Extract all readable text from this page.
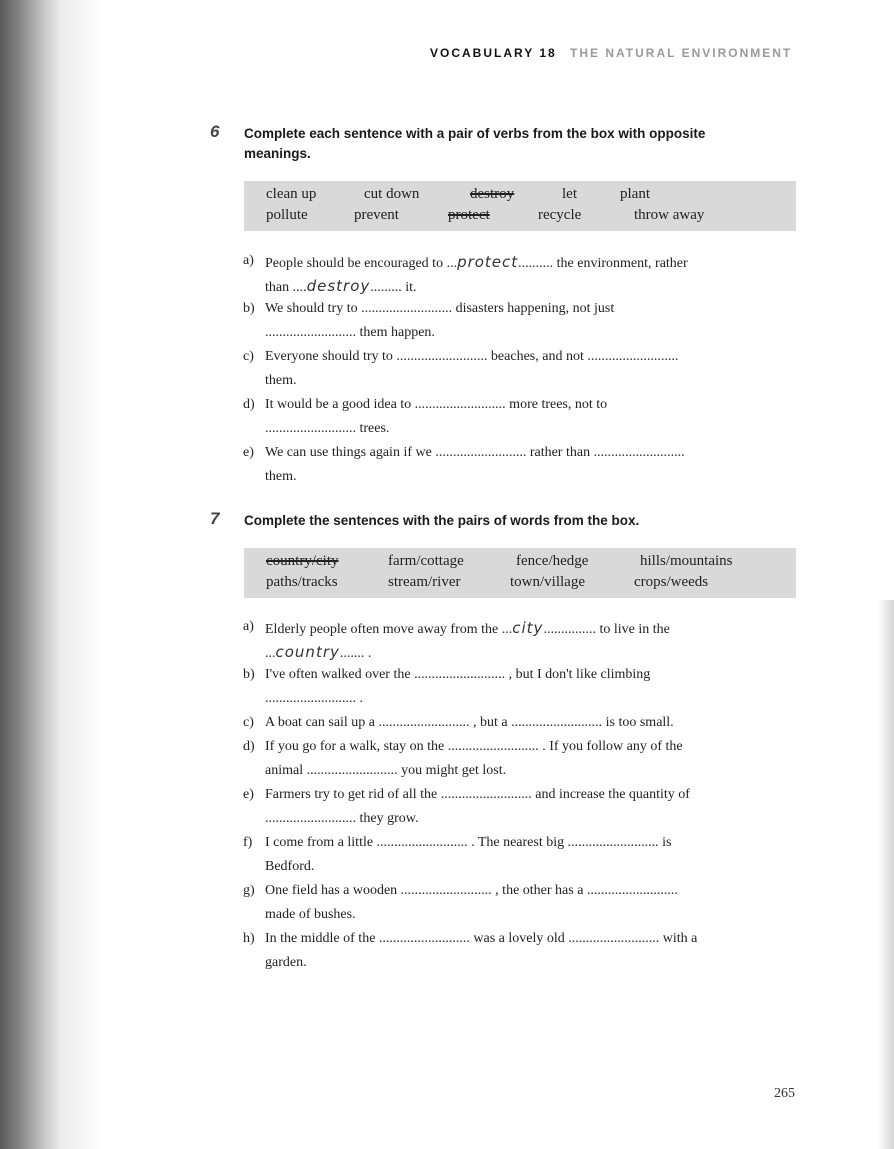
VOCABULARY 18 THE NATURAL ENVIRONMENT
6 Complete each sentence with a pair of verbs from the box with opposite
meanings.
clean up	cut down	destroy	let	plant
pollute	prevent	protect	recycle	throw away
a) People should be encouraged to ...protect.......... the environment, rather
than ....destroy......... it.
b) We should try to .......................... disasters happening, not just
.......................... them happen.
c) Everyone should try to .......................... beaches, and not ..........................
them.
d) It would be a good idea to .......................... more trees, not to
.......................... trees.
e) We can use things again if we .......................... rather than ..........................
them.
7 Complete the sentences with the pairs of words from the box.
country/city	farm/cottage	fence/hedge	hills/mountains
paths/tracks	stream/river	town/village	crops/weeds
a) Elderly people often move away from the ...city............... to live in the
...country....... .
b) I've often walked over the .......................... , but I don't like climbing
.......................... .
c) A boat can sail up a .......................... , but a .......................... is too small.
d) If you go for a walk, stay on the .......................... . If you follow any of the
animal .......................... you might get lost.
e) Farmers try to get rid of all the .......................... and increase the quantity of
.......................... they grow.
f) I come from a little .......................... . The nearest big .......................... is
Bedford.
g) One field has a wooden .......................... , the other has a ..........................
made of bushes.
h) In the middle of the .......................... was a lovely old .......................... with a
garden.
265
